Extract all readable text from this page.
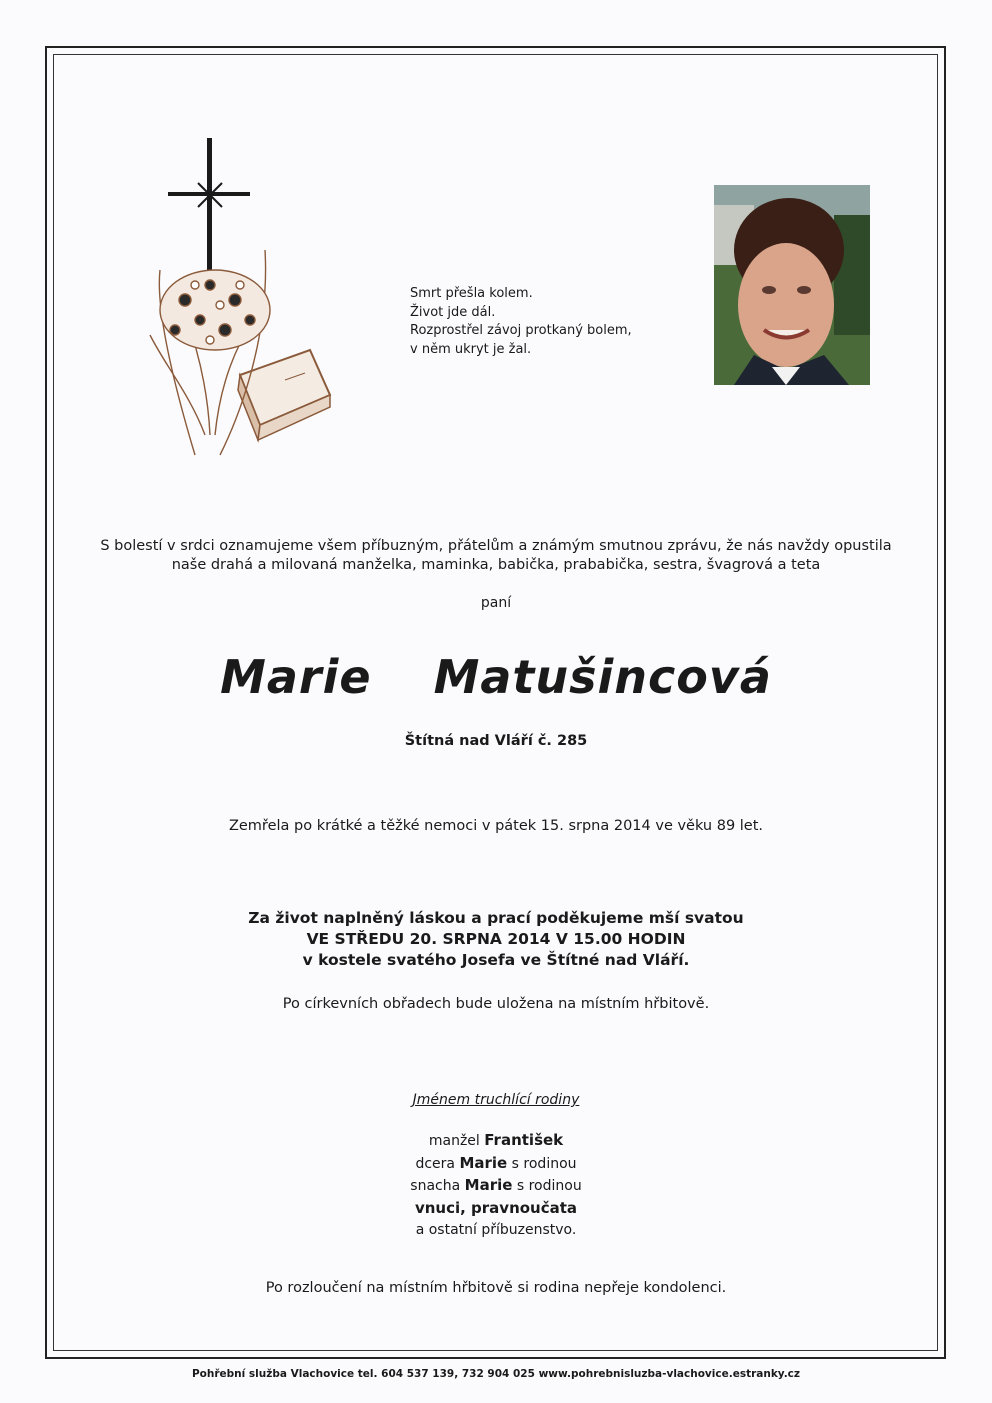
Smrt přešla kolem.
Život jde dál.
Rozprostřel závoj protkaný bolem,
v něm ukryt je žal.
S bolestí v srdci oznamujeme všem příbuzným, přátelům a známým smutnou zprávu, že nás navždy opustila
naše drahá a milovaná manželka, maminka, babička, prababička, sestra, švagrová a teta
paní
Marie  Matušincová
Štítná nad Vláří č. 285
Zemřela po krátké a těžké nemoci v pátek 15. srpna 2014 ve věku 89 let.
Za život naplněný láskou a prací poděkujeme mší svatou
VE STŘEDU 20. SRPNA 2014 V 15.00 HODIN
v kostele svatého Josefa ve Štítné nad Vláří.
Po církevních obřadech bude uložena na místním hřbitově.
Jménem truchlící rodiny
manžel František
dcera Marie s rodinou
snacha Marie s rodinou
vnuci, pravnoučata
a ostatní příbuzenstvo.
Po rozloučení na místním hřbitově si rodina nepřeje kondolenci.
Pohřební služba Vlachovice tel. 604 537 139, 732 904 025 www.pohrebnisluzba-vlachovice.estranky.cz
